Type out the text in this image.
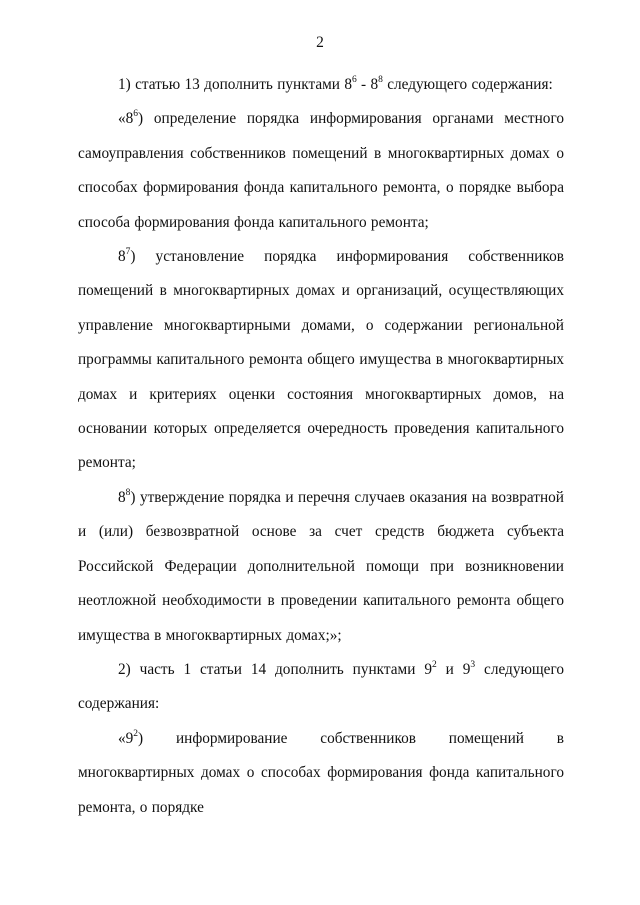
2

1) статью 13 дополнить пунктами $8^6 - 8^8$ следующего содержания:

«$8^6$) определение порядка информирования органами местного самоуправления собственников помещений в многоквартирных домах о способах формирования фонда капитального ремонта, о порядке выбора способа формирования фонда капитального ремонта;

$8^7$) установление порядка информирования собственников помещений в многоквартирных домах и организаций, осуществляющих управление многоквартирными домами, о содержании региональной программы капитального ремонта общего имущества в многоквартирных домах и критериях оценки состояния многоквартирных домов, на основании которых определяется очередность проведения капитального ремонта;

$8^8$) утверждение порядка и перечня случаев оказания на возвратной и (или) безвозвратной основе за счет средств бюджета субъекта Российской Федерации дополнительной помощи при возникновении неотложной необходимости в проведении капитального ремонта общего имущества в многоквартирных домах;»;

2) часть 1 статьи 14 дополнить пунктами $9^2$ и $9^3$ следующего содержания:

«$9^2$) информирование собственников помещений в многоквартирных домах о способах формирования фонда капитального ремонта, о порядке
